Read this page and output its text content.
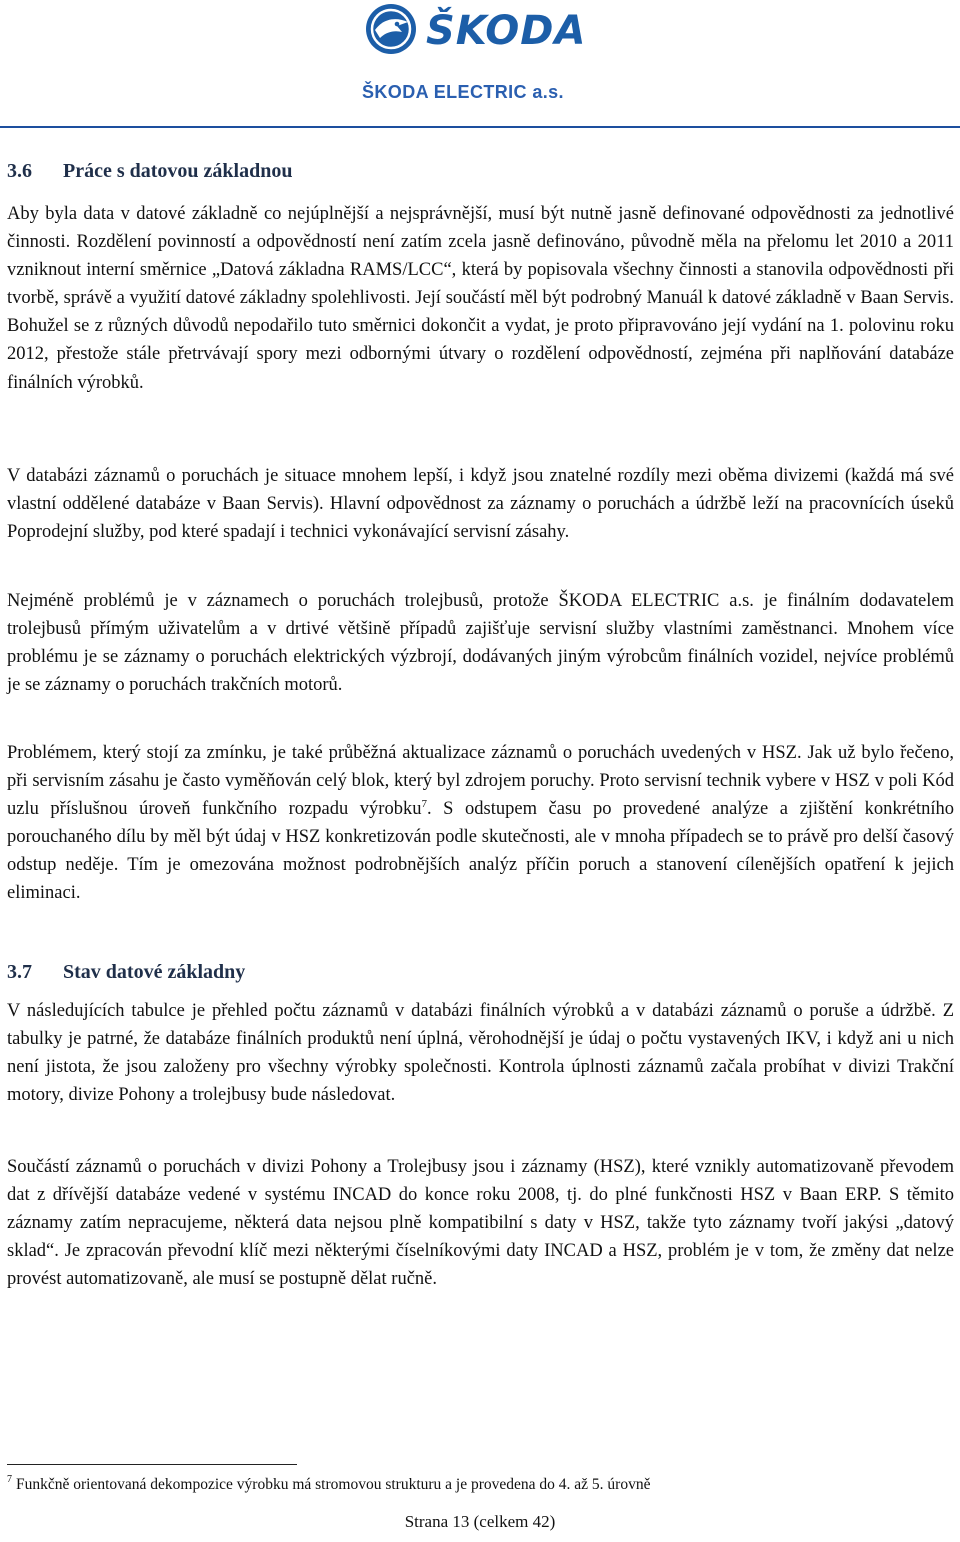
ŠKODA
ŠKODA ELECTRIC a.s.
3.6 Práce s datovou základnou

Aby byla data v datové základně co nejúplnější a nejsprávnější, musí být nutně jasně definované odpovědnosti za jednotlivé činnosti. Rozdělení povinností a odpovědností není zatím zcela jasně definováno, původně měla na přelomu let 2010 a 2011 vzniknout interní směrnice „Datová základna RAMS/LCC“, která by popisovala všechny činnosti a stanovila odpovědnosti při tvorbě, správě a využití datové základny spolehlivosti. Její součástí měl být podrobný Manuál k datové základně v Baan Servis. Bohužel se z různých důvodů nepodařilo tuto směrnici dokončit a vydat, je proto připravováno její vydání na 1. polovinu roku 2012, přestože stále přetrvávají spory mezi odbornými útvary o rozdělení odpovědností, zejména při naplňování databáze finálních výrobků.

V databázi záznamů o poruchách je situace mnohem lepší, i když jsou znatelné rozdíly mezi oběma divizemi (každá má své vlastní oddělené databáze v Baan Servis). Hlavní odpovědnost za záznamy o poruchách a údržbě leží na pracovnících úseků Poprodejní služby, pod které spadají i technici vykonávající servisní zásahy.

Nejméně problémů je v záznamech o poruchách trolejbusů, protože ŠKODA ELECTRIC a.s. je finálním dodavatelem trolejbusů přímým uživatelům a v drtivé většině případů zajišťuje servisní služby vlastními zaměstnanci. Mnohem více problému je se záznamy o poruchách elektrických výzbrojí, dodávaných jiným výrobcům finálních vozidel, nejvíce problémů je se záznamy o poruchách trakčních motorů.

Problémem, který stojí za zmínku, je také průběžná aktualizace záznamů o poruchách uvedených v HSZ. Jak už bylo řečeno, při servisním zásahu je často vyměňován celý blok, který byl zdrojem poruchy. Proto servisní technik vybere v HSZ v poli Kód uzlu příslušnou úroveň funkčního rozpadu výrobku$^7$. S odstupem času po provedené analýze a zjištění konkrétního porouchaného dílu by měl být údaj v HSZ konkretizován podle skutečnosti, ale v mnoha případech se to právě pro delší časový odstup neděje. Tím je omezována možnost podrobnějších analýz příčin poruch a stanovení cílenějších opatření k jejich eliminaci.

3.7 Stav datové základny

V následujících tabulce je přehled počtu záznamů v databázi finálních výrobků a v databázi záznamů o poruše a údržbě. Z tabulky je patrné, že databáze finálních produktů není úplná, věrohodnější je údaj o počtu vystavených IKV, i když ani u nich není jistota, že jsou založeny pro všechny výrobky společnosti. Kontrola úplnosti záznamů začala probíhat v divizi Trakční motory, divize Pohony a trolejbusy bude následovat.

Součástí záznamů o poruchách v divizi Pohony a Trolejbusy jsou i záznamy (HSZ), které vznikly automatizovaně převodem dat z dřívější databáze vedené v systému INCAD do konce roku 2008, tj. do plné funkčnosti HSZ v Baan ERP. S těmito záznamy zatím nepracujeme, některá data nejsou plně kompatibilní s daty v HSZ, takže tyto záznamy tvoří jakýsi „datový sklad“. Je zpracován převodní klíč mezi některými číselníkovými daty INCAD a HSZ, problém je v tom, že změny dat nelze provést automatizovaně, ale musí se postupně dělat ručně.

$^7$ Funkčně orientovaná dekompozice výrobku má stromovou strukturu a je provedena do 4. až 5. úrovně
Strana 13 (celkem 42)
